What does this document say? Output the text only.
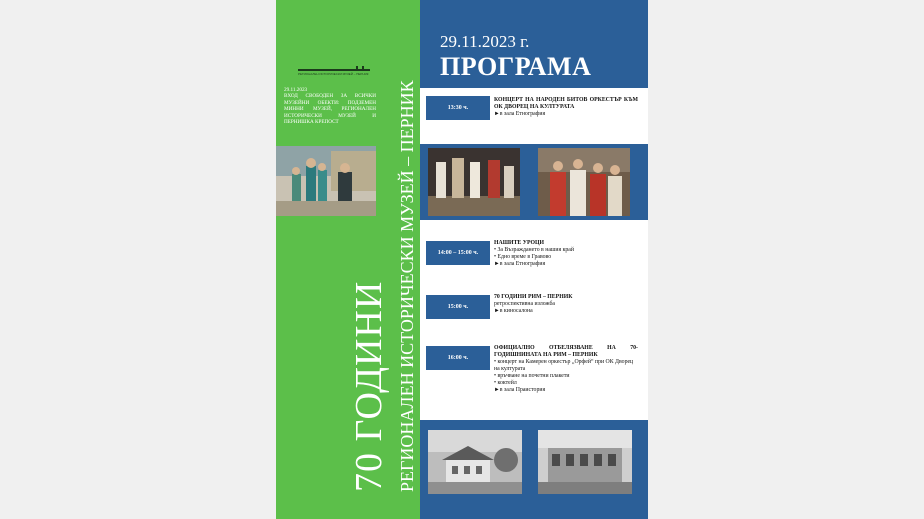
РЕГИОНАЛЕН ИСТОРИЧЕСКИ МУЗЕЙ – ПЕРНИК
29.11.2023
ВХОД СВОБОДЕН ЗА ВСИЧКИ МУЗЕЙНИ ОБЕКТИ: ПОДЗЕМЕН МИННИ МУЗЕЙ, РЕГИОНАЛЕН ИСТОРИЧЕСКИ МУЗЕЙ И ПЕРНИШКА КРЕПОСТ
70 ГОДИНИ РЕГИОНАЛЕН ИСТОРИЧЕСКИ МУЗЕЙ – ПЕРНИК
29.11.2023 г.
ПРОГРАМА
13:30 ч.
КОНЦЕРТ НА НАРОДЕН БИТОВ ОРКЕСТЪР КЪМ ОК ДВОРЕЦ НА КУЛТУРАТА
►в зала Етнография
14:00 – 15:00 ч.
НАШИТЕ УРОЦИ
• За Възраждането в нашия край
• Едно време в Гравово
►в зала Етнография
15:00 ч.
70 ГОДИНИ РИМ – ПЕРНИК
ретроспективна изложба
►в киносалона
16:00 ч.
ОФИЦИАЛНО ОТБЕЛЯЗВАНЕ НА 70-ГОДИШНИНАТА НА РИМ – ПЕРНИК
• концерт на Камерен оркестър „Орфей“ при ОК Дворец на културата
• връчване на почетни плакети
• коктейл
►в зала Праистория
